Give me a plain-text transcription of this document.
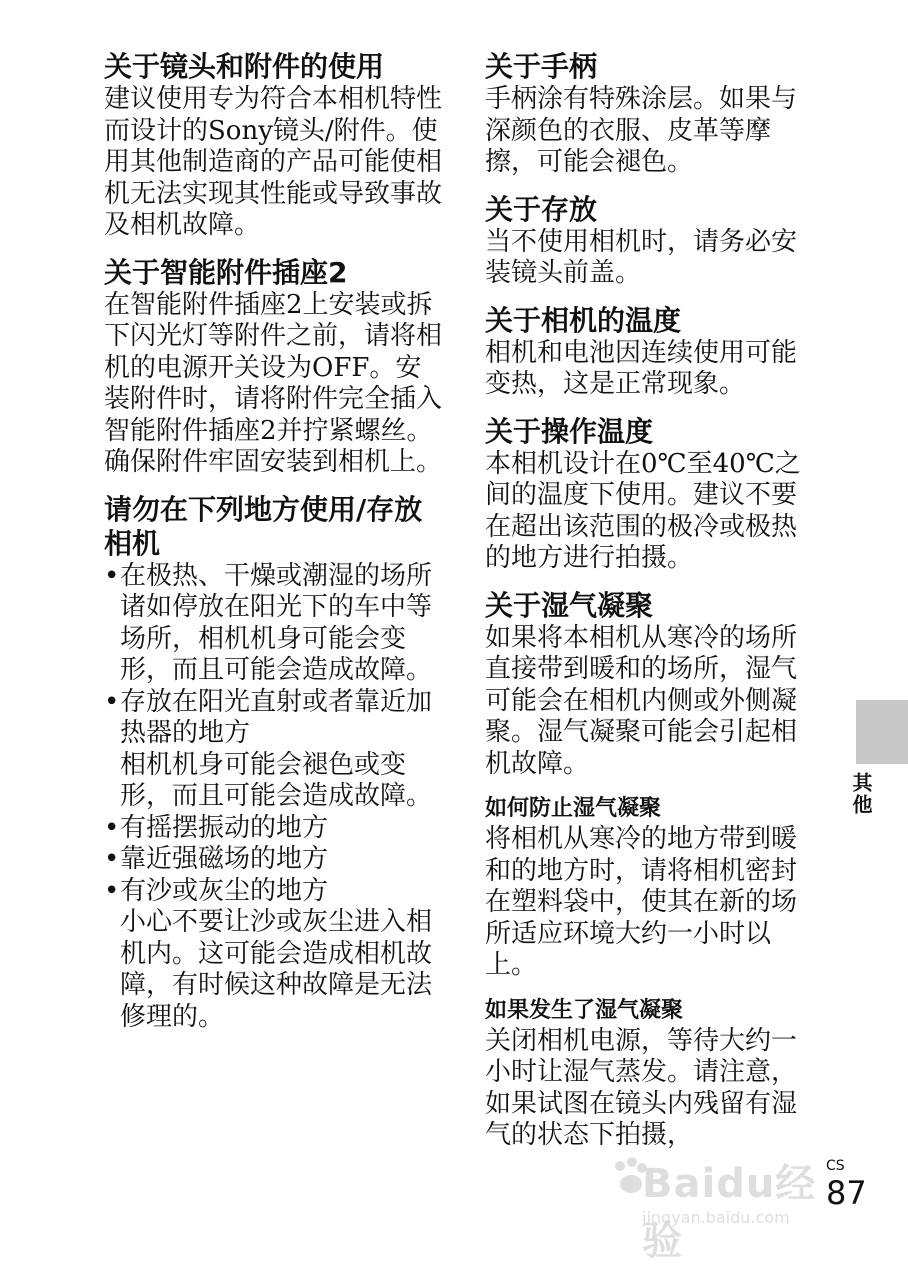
关于镜头和附件的使用

建议使用专为符合本相机特性而设计的Sony镜头/附件。使用其他制造商的产品可能使相机无法实现其性能或导致事故及相机故障。

关于智能附件插座2

在智能附件插座2上安装或拆下闪光灯等附件之前，请将相机的电源开关设为OFF。安装附件时，请将附件完全插入智能附件插座2并拧紧螺丝。确保附件牢固安装到相机上。

请勿在下列地方使用/存放相机
• 在极热、干燥或潮湿的场所
诸如停放在阳光下的车中等场所，相机机身可能会变形，而且可能会造成故障。
• 存放在阳光直射或者靠近加热器的地方
相机机身可能会褪色或变形，而且可能会造成故障。
• 有摇摆振动的地方
• 靠近强磁场的地方
• 有沙或灰尘的地方
小心不要让沙或灰尘进入相机内。这可能会造成相机故障，有时候这种故障是无法修理的。
关于手柄

手柄涂有特殊涂层。如果与深颜色的衣服、皮革等摩擦，可能会褪色。

关于存放

当不使用相机时，请务必安装镜头前盖。

关于相机的温度

相机和电池因连续使用可能变热，这是正常现象。

关于操作温度

本相机设计在0℃至40℃之间的温度下使用。建议不要在超出该范围的极冷或极热的地方进行拍摄。

关于湿气凝聚

如果将本相机从寒冷的场所直接带到暖和的场所，湿气可能会在相机内侧或外侧凝聚。湿气凝聚可能会引起相机故障。

如何防止湿气凝聚

将相机从寒冷的地方带到暖和的地方时，请将相机密封在塑料袋中，使其在新的场所适应环境大约一小时以上。

如果发生了湿气凝聚

关闭相机电源，等待大约一小时让湿气蒸发。请注意，如果试图在镜头内残留有湿气的状态下拍摄，

其他
CS
87
Baidu经验
jingyan.baidu.com
